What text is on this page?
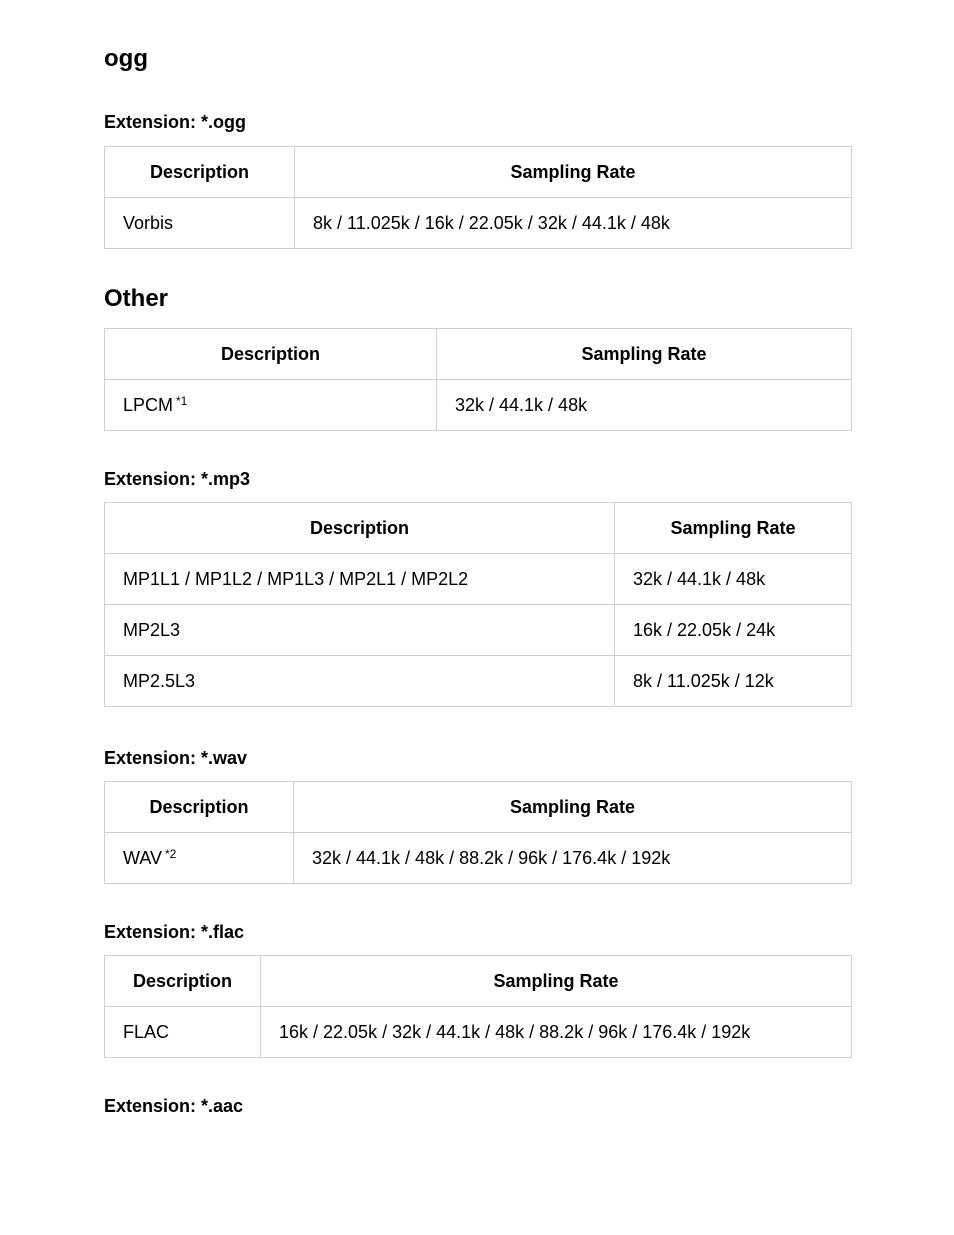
ogg
Extension: *.ogg
Description	Sampling Rate
Vorbis	8k / 11.025k / 16k / 22.05k / 32k / 44.1k / 48k
Other
Description	Sampling Rate
LPCM $^{*1}$	32k / 44.1k / 48k
Extension: *.mp3
Description	Sampling Rate
MP1L1 / MP1L2 / MP1L3 / MP2L1 / MP2L2	32k / 44.1k / 48k
MP2L3	16k / 22.05k / 24k
MP2.5L3	8k / 11.025k / 12k
Extension: *.wav
Description	Sampling Rate
WAV $^{*2}$	32k / 44.1k / 48k / 88.2k / 96k / 176.4k / 192k
Extension: *.flac
Description	Sampling Rate
FLAC	16k / 22.05k / 32k / 44.1k / 48k / 88.2k / 96k / 176.4k / 192k
Extension: *.aac
